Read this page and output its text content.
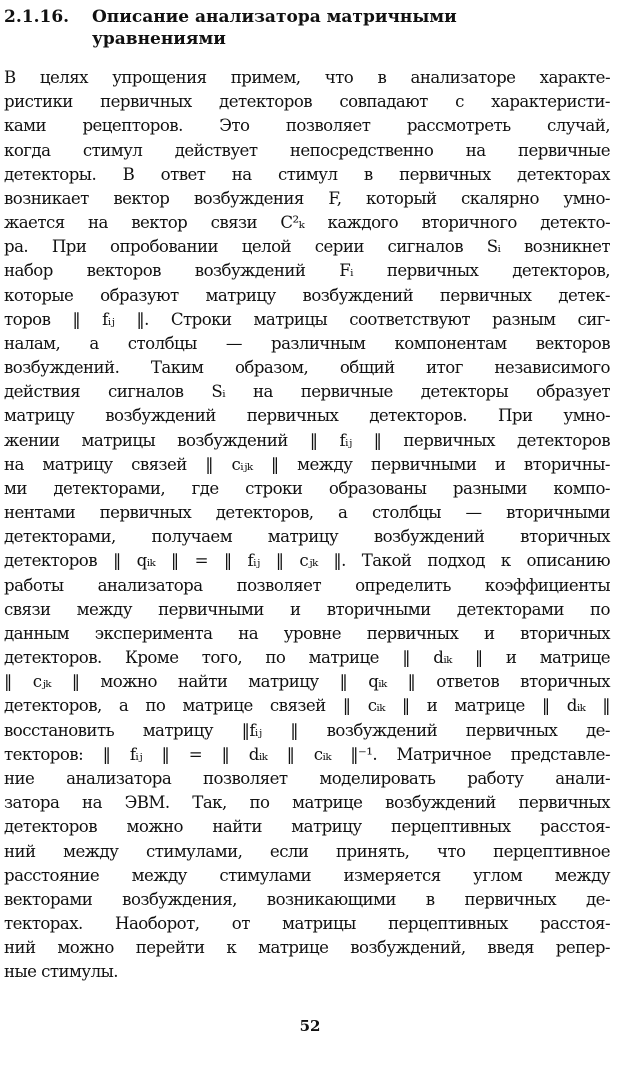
2.1.16. Описание анализатора матричными
уравнениями
В целях упрощения примем, что в анализаторе характе-
ристики первичных детекторов совпадают с характеристи-
ками рецепторов. Это позволяет рассмотреть случай,
когда стимул действует непосредственно на первичные
детекторы. В ответ на стимул в первичных детекторах
возникает вектор возбуждения F, который скалярно умно-
жается на вектор связи C²ₖ каждого вторичного детекто-
ра. При опробовании целой серии сигналов Sᵢ возникнет
набор векторов возбуждений Fᵢ первичных детекторов,
которые образуют матрицу возбуждений первичных детек-
торов ‖ fᵢⱼ ‖. Строки матрицы соответствуют разным сиг-
налам, а столбцы — различным компонентам векторов
возбуждений. Таким образом, общий итог независимого
действия сигналов Sᵢ на первичные детекторы образует
матрицу возбуждений первичных детекторов. При умно-
жении матрицы возбуждений ‖ fᵢⱼ ‖ первичных детекторов
на матрицу связей ‖ cᵢⱼₖ ‖ между первичными и вторичны-
ми детекторами, где строки образованы разными компо-
нентами первичных детекторов, а столбцы — вторичными
детекторами, получаем матрицу возбуждений вторичных
детекторов ‖ qᵢₖ ‖ = ‖ fᵢⱼ ‖ cⱼₖ ‖. Такой подход к описанию
работы анализатора позволяет определить коэффициенты
связи между первичными и вторичными детекторами по
данным эксперимента на уровне первичных и вторичных
детекторов. Кроме того, по матрице ‖ dᵢₖ ‖ и матрице
‖ cⱼₖ ‖ можно найти матрицу ‖ qᵢₖ ‖ ответов вторичных
детекторов, а по матрице связей ‖ cᵢₖ ‖ и матрице ‖ dᵢₖ ‖
восстановить матрицу ‖fᵢⱼ ‖ возбуждений первичных де-
текторов: ‖ fᵢⱼ ‖ = ‖ dᵢₖ ‖ cᵢₖ ‖⁻¹. Матричное представле-
ние анализатора позволяет моделировать работу анали-
затора на ЭВМ. Так, по матрице возбуждений первичных
детекторов можно найти матрицу перцептивных расстоя-
ний между стимулами, если принять, что перцептивное
расстояние между стимулами измеряется углом между
векторами возбуждения, возникающими в первичных де-
текторах. Наоборот, от матрицы перцептивных расстоя-
ний можно перейти к матрице возбуждений, введя репер-
ные стимулы.

52
